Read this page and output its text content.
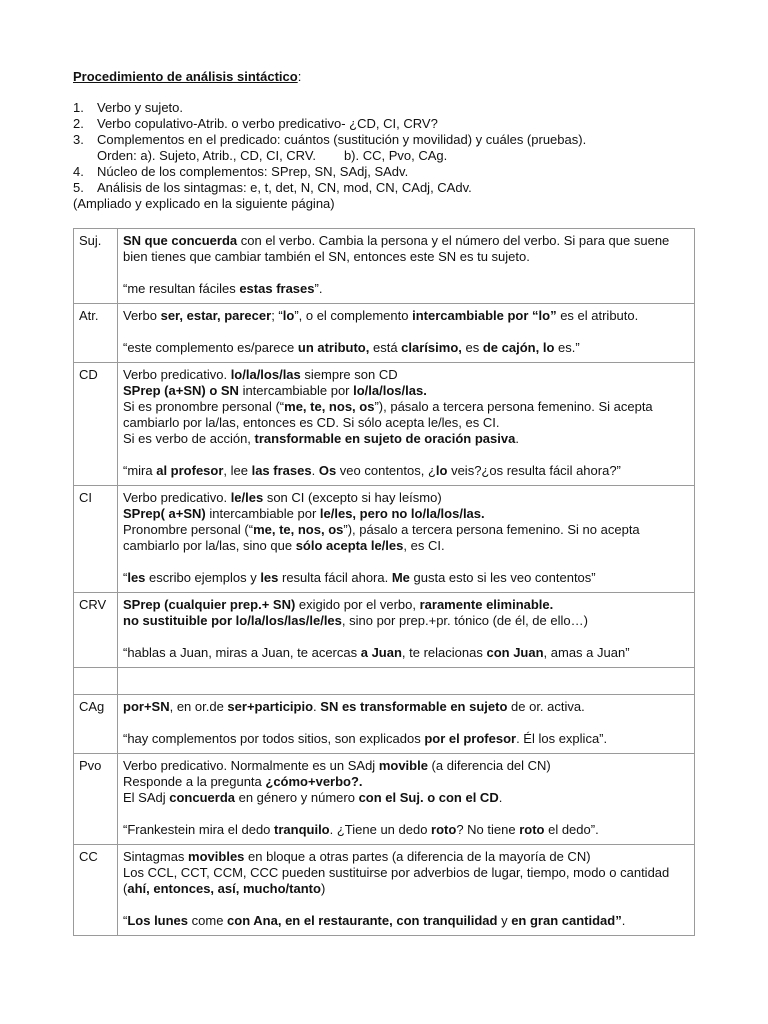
Procedimiento de análisis sintáctico:
1. Verbo y sujeto.
2. Verbo copulativo-Atrib. o verbo predicativo- ¿CD, CI, CRV?
3. Complementos en el predicado: cuántos (sustitución y movilidad) y cuáles (pruebas).
Orden: a). Sujeto, Atrib., CD, CI, CRV. b). CC, Pvo, CAg.
4. Núcleo de los complementos: SPrep, SN, SAdj, SAdv.
5. Análisis de los sintagmas: e, t, det, N, CN, mod, CN, CAdj, CAdv.
(Ampliado y explicado en la siguiente página)
Suj.	SN que concuerda con el verbo. Cambia la persona y el número del verbo. Si para que suene bien tienes que cambiar también el SN, entonces este SN es tu sujeto.

“me resultan fáciles estas frases”.

Atr.	Verbo ser, estar, parecer; “lo”, o el complemento intercambiable por “lo” es el atributo.

“este complemento es/parece un atributo, está clarísimo, es de cajón, lo es.”

CD	Verbo predicativo. lo/la/los/las siempre son CD

SPrep (a+SN) o SN intercambiable por lo/la/los/las.

Si es pronombre personal (“me, te, nos, os”), pásalo a tercera persona femenino. Si acepta cambiarlo por la/las, entonces es CD. Si sólo acepta le/les, es CI.

Si es verbo de acción, transformable en sujeto de oración pasiva.

“mira al profesor, lee las frases. Os veo contentos, ¿lo veis?¿os resulta fácil ahora?”

CI	Verbo predicativo. le/les son CI (excepto si hay leísmo)

SPrep( a+SN) intercambiable por le/les, pero no lo/la/los/las.

Pronombre personal (“me, te, nos, os”), pásalo a tercera persona femenino. Si no acepta cambiarlo por la/las, sino que sólo acepta le/les, es CI.

“les escribo ejemplos y les resulta fácil ahora. Me gusta esto si les veo contentos”

CRV	SPrep (cualquier prep.+ SN) exigido por el verbo, raramente eliminable.

no sustituible por lo/la/los/las/le/les, sino por prep.+pr. tónico (de él, de ello…)

“hablas a Juan, miras a Juan, te acercas a Juan, te relacionas con Juan, amas a Juan”

CAg	por+SN, en or.de ser+participio. SN es transformable en sujeto de or. activa.

“hay complementos por todos sitios, son explicados por el profesor. Él los explica”.

Pvo	Verbo predicativo. Normalmente es un SAdj movible (a diferencia del CN)

Responde a la pregunta ¿cómo+verbo?.

El SAdj concuerda en género y número con el Suj. o con el CD.

“Frankestein mira el dedo tranquilo. ¿Tiene un dedo roto? No tiene roto el dedo”.

CC	Sintagmas movibles en bloque a otras partes (a diferencia de la mayoría de CN)

Los CCL, CCT, CCM, CCC pueden sustituirse por adverbios de lugar, tiempo, modo o cantidad (ahí, entonces, así, mucho/tanto)

“Los lunes come con Ana, en el restaurante, con tranquilidad y en gran cantidad”.
